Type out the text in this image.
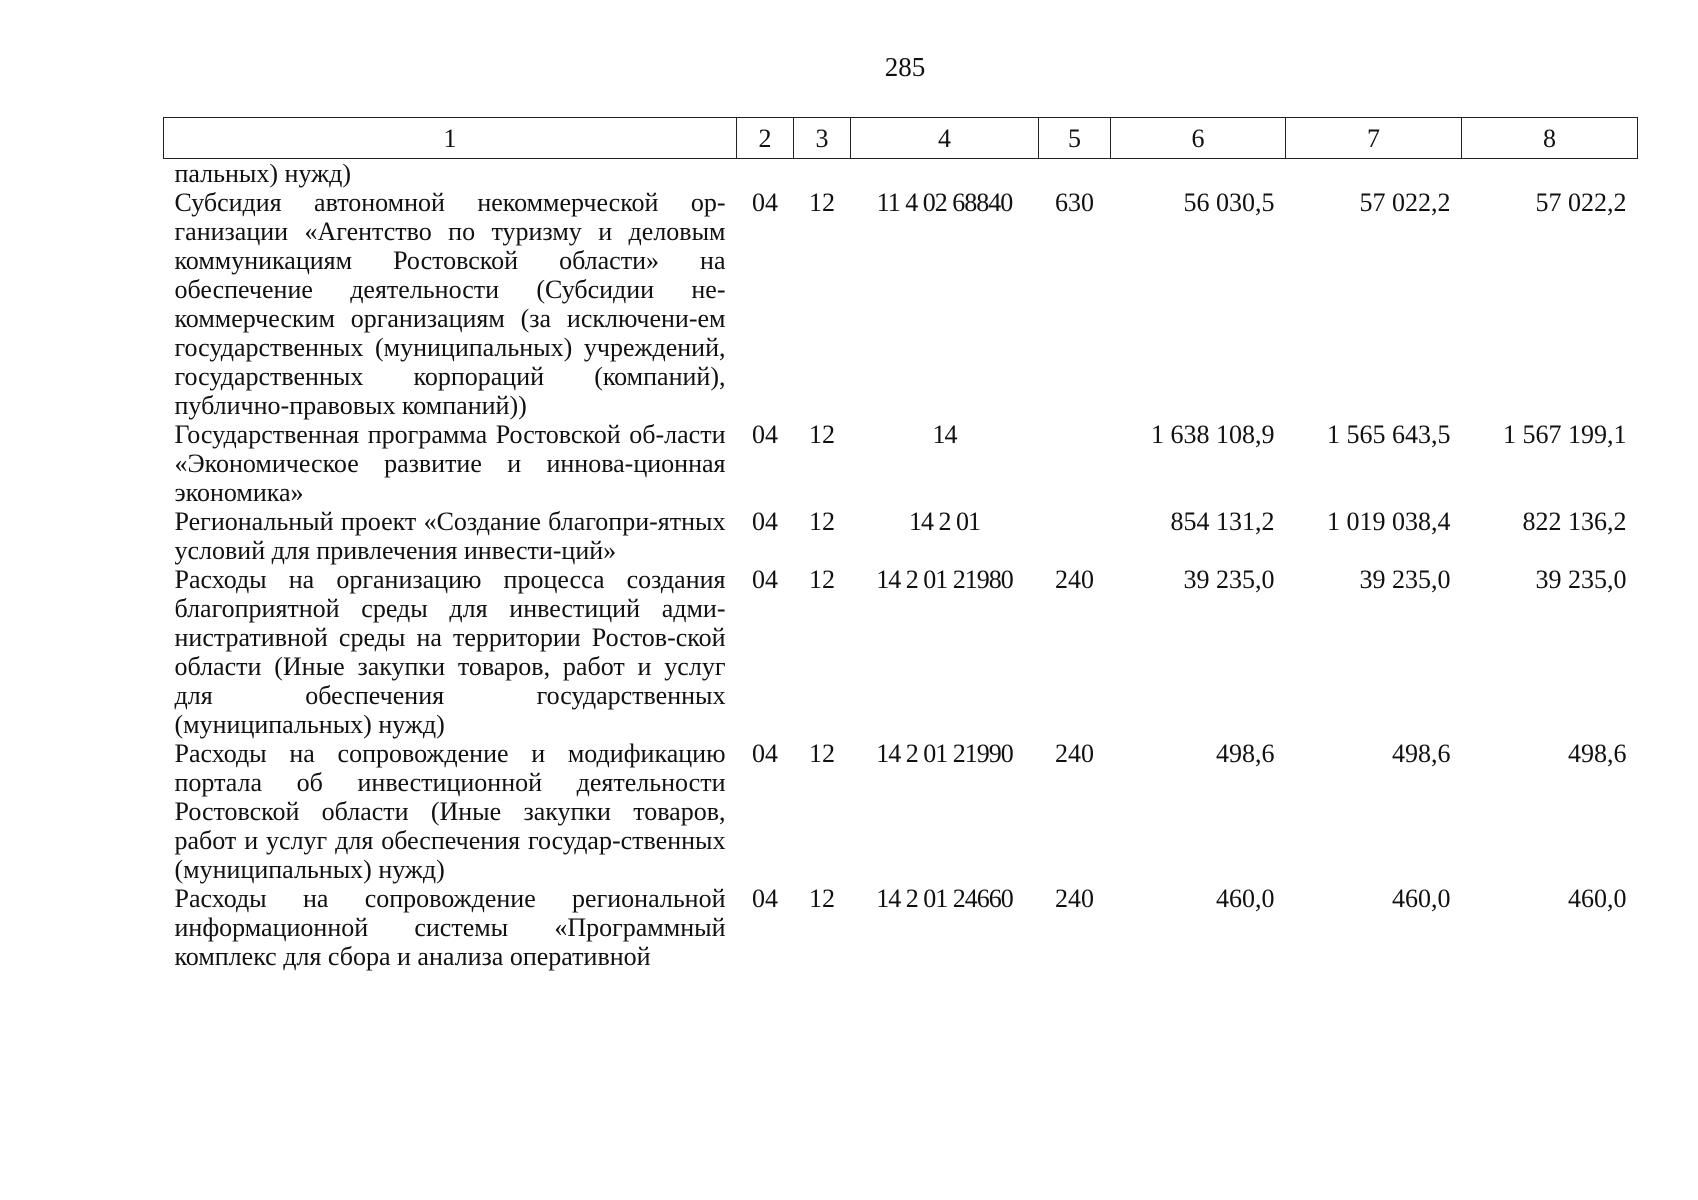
285
1	2	3	4	5	6	7	8
пальных) нужд)							
Субсидия автономной некоммерческой ор-ганизации «Агентство по туризму и деловым коммуникациям Ростовской области» на обеспечение деятельности (Субсидии не-коммерческим организациям (за исключени-ем государственных (муниципальных) учреждений, государственных корпораций (компаний), публично-правовых компаний))	04	12	11 4 02 68840	630	56 030,5	57 022,2	57 022,2
Государственная программа Ростовской об-ласти «Экономическое развитие и иннова-ционная экономика»	04	12	14		1 638 108,9	1 565 643,5	1 567 199,1
Региональный проект «Создание благопри-ятных условий для привлечения инвести-ций»	04	12	14 2 01		854 131,2	1 019 038,4	822 136,2
Расходы на организацию процесса создания благоприятной среды для инвестиций адми-нистративной среды на территории Ростов-ской области (Иные закупки товаров, работ и услуг для обеспечения государственных (муниципальных) нужд)	04	12	14 2 01 21980	240	39 235,0	39 235,0	39 235,0
Расходы на сопровождение и модификацию портала об инвестиционной деятельности Ростовской области (Иные закупки товаров, работ и услуг для обеспечения государ-ственных (муниципальных) нужд)	04	12	14 2 01 21990	240	498,6	498,6	498,6
Расходы на сопровождение региональной информационной системы «Программный комплекс для сбора и анализа оперативной	04	12	14 2 01 24660	240	460,0	460,0	460,0
